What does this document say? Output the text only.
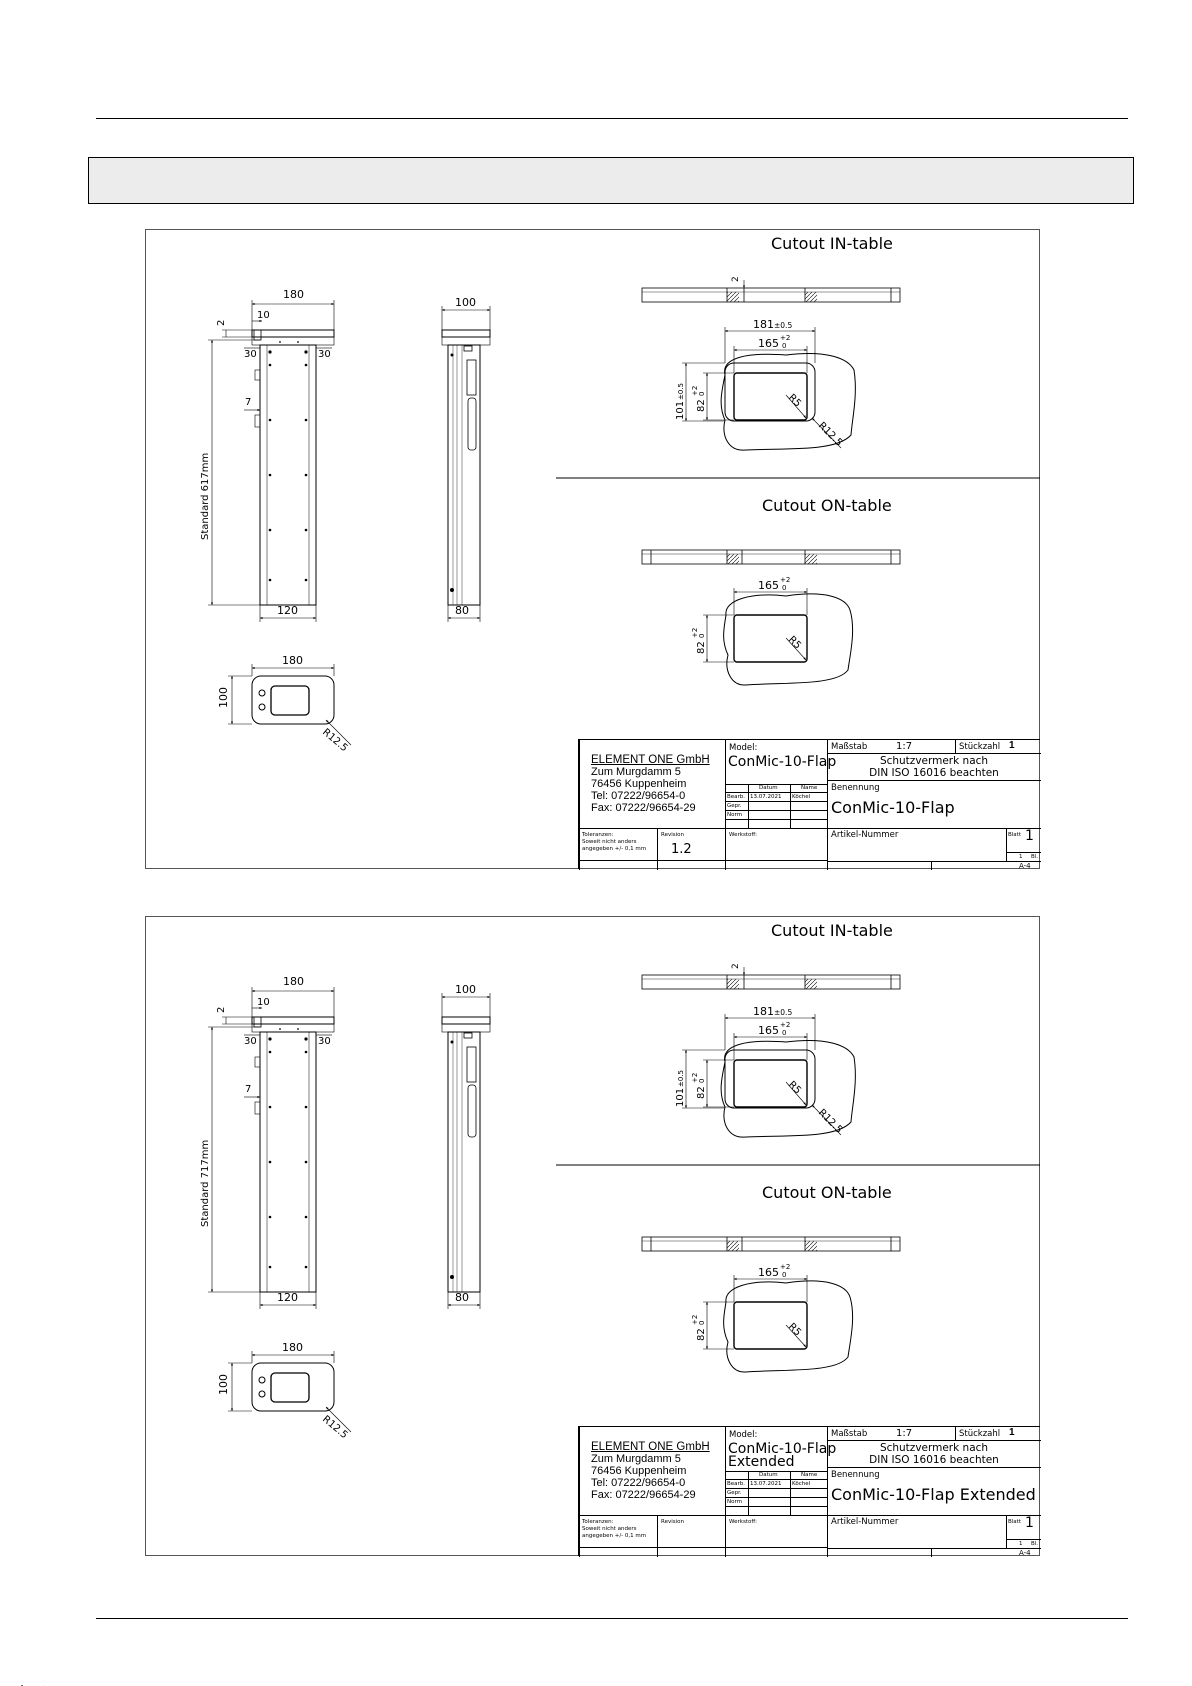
180
2
10
30	30
7
Standard 617mm
120
100
80
180
100
R12.5
2
181 ±0.5
165 +2
0
101
±0.5
82
+2 0	R5
R12.5
165 +2
0
82
+2 0	R5
Cutout IN-table
Cutout ON-table
ELEMENT ONE GmbH
Zum Murgdamm 5
76456 Kuppenheim
Tel: 07222/96654-0
Fax: 07222/96654-29
Model:
ConMic-10-Flap
Datum	Name
Bearb. 13.07.2021 Köchel
Gepr.
Norm
Maßstab	1:7	Stückzahl 1
Schutzvermerk nach
DIN ISO 16016 beachten
Benennung
ConMic-10-Flap
Toleranzen:
Soweit nicht anders
angegeben +/- 0,1 mm
Revision
1.2
Werkstoff:	Artikel-Nummer	Blatt 1
1 Bl.
A-4
180
2
10
30	30
7
Standard 717mm
120
100
80
180
100
R12.5
2
181 ±0.5
165 +2
0
101
±0.5
82
+2 0	R5
R12.5
165 +2
0
82
+2 0	R5
Cutout IN-table
Cutout ON-table
ELEMENT ONE GmbH
Zum Murgdamm 5
76456 Kuppenheim
Tel: 07222/96654-0
Fax: 07222/96654-29
Model:
ConMic-10-Flap
Extended
Datum	Name
Bearb. 13.07.2021 Köchel
Gepr.
Norm
Maßstab	1:7	Stückzahl 1
Schutzvermerk nach
DIN ISO 16016 beachten
Benennung
ConMic-10-Flap Extended
Toleranzen:
Soweit nicht anders
angegeben +/- 0,1 mm
Revision	Werkstoff:	Artikel-Nummer	Blatt 1
1 Bl.
A-4
